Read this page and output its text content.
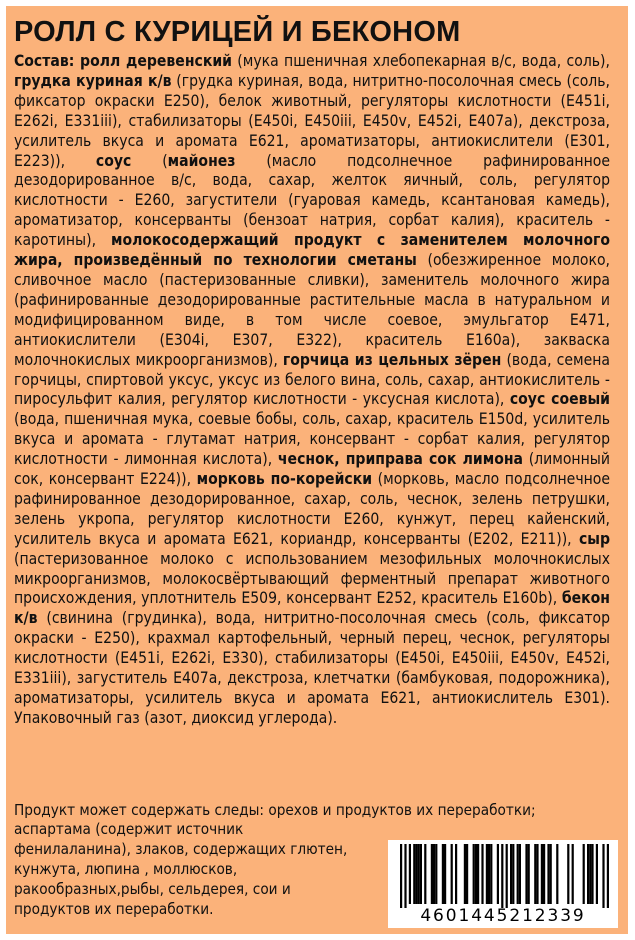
РОЛЛ С КУРИЦЕЙ И БЕКОНОМ
Состав: ролл деревенский (мука пшеничная хлебопекарная в/с, вода, соль), грудка куриная к/в (грудка куриная, вода, нитритно-посолочная смесь (соль, фиксатор окраски Е250), белок животный, регуляторы кислотности (Е451i, Е262i, Е331iii), стабилизаторы (Е450i, Е450iii, Е450v, Е452i, Е407а), декстроза, усилитель вкуса и аромата Е621, ароматизаторы, антиокислители (Е301, Е223)), соус (майонез (масло подсолнечное рафинированное дезодорированное в/с, вода, сахар, желток яичный, соль, регулятор кислотности - Е260, загустители (гуаровая камедь, ксантановая камедь), ароматизатор, консерванты (бензоат натрия, сорбат калия), краситель - каротины), молокосодержащий продукт с заменителем молочного жира, произведённый по технологии сметаны (обезжиренное молоко, сливочное масло (пастеризованные сливки), заменитель молочного жира (рафинированные дезодорированные растительные масла в натуральном и модифицированном виде, в том числе соевое, эмульгатор Е471, антиокислители (Е304i, Е307, Е322), краситель Е160а), закваска молочнокислых микроорганизмов), горчица из цельных зёрен (вода, семена горчицы, спиртовой уксус, уксус из белого вина, соль, сахар, антиокислитель - пиросульфит калия, регулятор кислотности - уксусная кислота), соус соевый (вода, пшеничная мука, соевые бобы, соль, сахар, краситель Е150d, усилитель вкуса и аромата - глутамат натрия, консервант - сорбат калия, регулятор кислотности - лимонная кислота), чеснок, приправа сок лимона (лимонный сок, консервант Е224)), морковь по-корейски (морковь, масло подсолнечное рафинированное дезодорированное, сахар, соль, чеснок, зелень петрушки, зелень укропа, регулятор кислотности Е260, кунжут, перец кайенский, усилитель вкуса и аромата Е621, кориандр, консерванты (Е202, Е211)), сыр (пастеризованное молоко с использованием мезофильных молочнокислых микроорганизмов, молокосвёртывающий ферментный препарат животного происхождения, уплотнитель Е509, консервант Е252, краситель Е160b), бекон к/в (свинина (грудинка), вода, нитритно-посолочная смесь (соль, фиксатор окраски - Е250), крахмал картофельный, черный перец, чеснок, регуляторы кислотности (Е451i, Е262i, Е330), стабилизаторы (Е450i, Е450iii, Е450v, Е452i, Е331iii), загуститель Е407а, декстроза, клетчатки (бамбуковая, подорожника), ароматизаторы, усилитель вкуса и аромата Е621, антиокислитель Е301). Упаковочный газ (азот, диоксид углерода).
Продукт может содержать следы: орехов и продуктов их переработки;
аспартама (содержит источник фенилаланина), злаков, содержащих глютен, кунжута, люпина , моллюсков, ракообразных,рыбы, сельдерея, сои и продуктов их переработки.	4601445212339
